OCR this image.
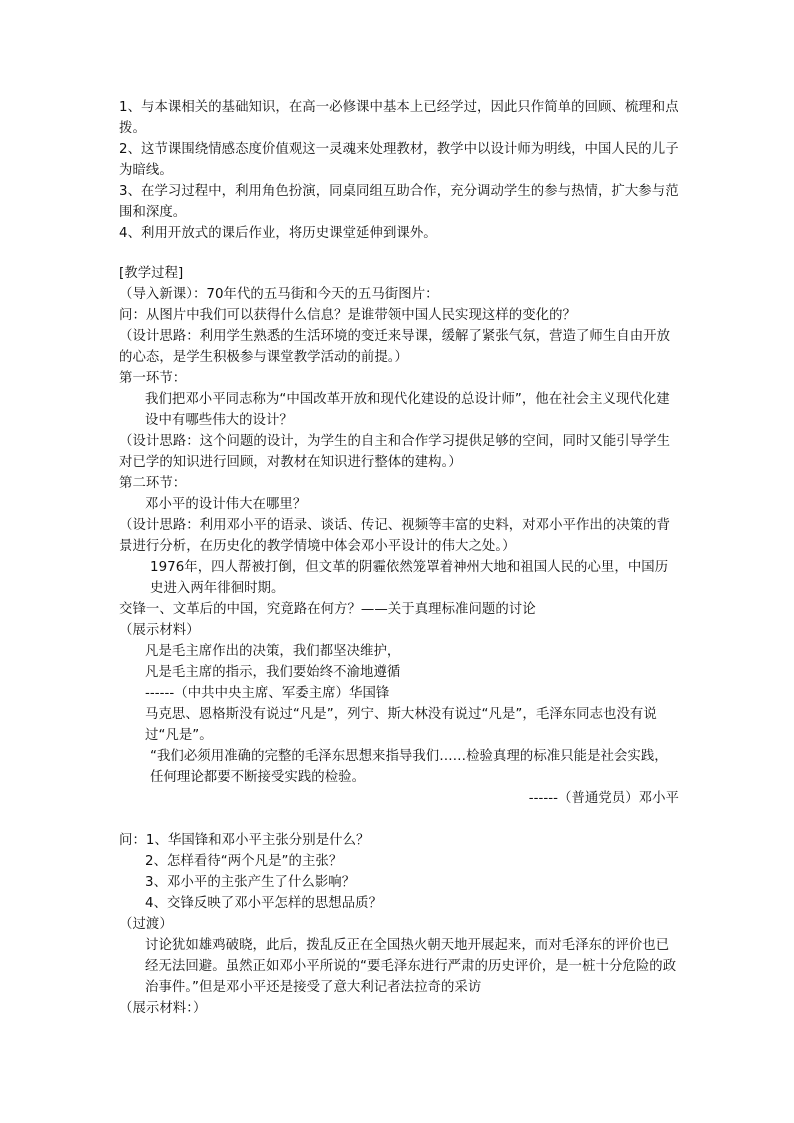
1、与本课相关的基础知识，在高一必修课中基本上已经学过，因此只作简单的回顾、梳理和点拨。

2、这节课围绕情感态度价值观这一灵魂来处理教材，教学中以设计师为明线，中国人民的儿子为暗线。

3、在学习过程中，利用角色扮演，同桌同组互助合作，充分调动学生的参与热情，扩大参与范围和深度。

4、利用开放式的课后作业，将历史课堂延伸到课外。

[教学过程]

（导入新课）：70年代的五马街和今天的五马街图片：

问：从图片中我们可以获得什么信息？是谁带领中国人民实现这样的变化的？

（设计思路：利用学生熟悉的生活环境的变迁来导课，缓解了紧张气氛，营造了师生自由开放的心态，是学生积极参与课堂教学活动的前提。）

第一环节：

我们把邓小平同志称为“中国改革开放和现代化建设的总设计师”，他在社会主义现代化建设中有哪些伟大的设计？

（设计思路：这个问题的设计，为学生的自主和合作学习提供足够的空间，同时又能引导学生对已学的知识进行回顾，对教材在知识进行整体的建构。）

第二环节：

邓小平的设计伟大在哪里？

（设计思路：利用邓小平的语录、谈话、传记、视频等丰富的史料，对邓小平作出的决策的背景进行分析，在历史化的教学情境中体会邓小平设计的伟大之处。）

1976年，四人帮被打倒，但文革的阴霾依然笼罩着神州大地和祖国人民的心里，中国历史进入两年徘徊时期。

交锋一、文革后的中国，究竟路在何方？——关于真理标准问题的讨论

（展示材料）

凡是毛主席作出的决策，我们都坚决维护，

凡是毛主席的指示，我们要始终不渝地遵循

------（中共中央主席、军委主席）华国锋

马克思、恩格斯没有说过“凡是”，列宁、斯大林没有说过“凡是”，毛泽东同志也没有说过“凡是”。

“我们必须用准确的完整的毛泽东思想来指导我们……检验真理的标准只能是社会实践，任何理论都要不断接受实践的检验。

------（普通党员）邓小平

问：1、华国锋和邓小平主张分别是什么？

2、怎样看待“两个凡是”的主张？

3、邓小平的主张产生了什么影响？

4、交锋反映了邓小平怎样的思想品质？

（过渡）

讨论犹如雄鸡破晓，此后，拨乱反正在全国热火朝天地开展起来，而对毛泽东的评价也已经无法回避。虽然正如邓小平所说的“要毛泽东进行严肃的历史评价，是一桩十分危险的政治事件。”但是邓小平还是接受了意大利记者法拉奇的采访

（展示材料：）
